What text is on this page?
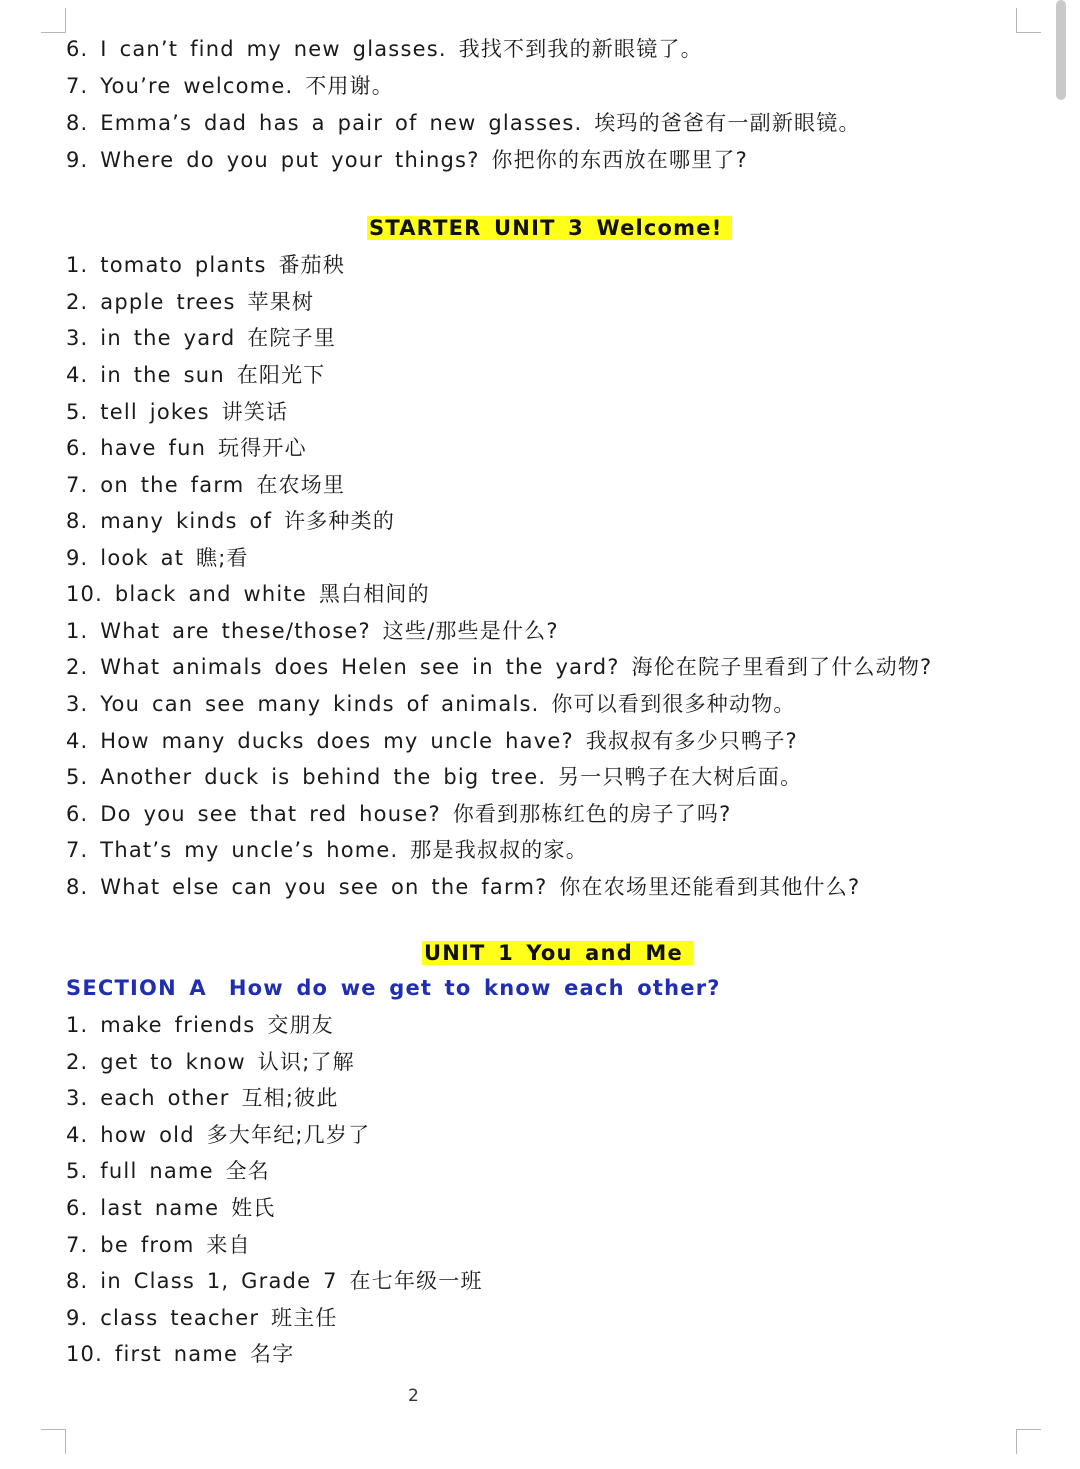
6. I can’t find my new glasses. 我找不到我的新眼镜了。
7. You’re welcome. 不用谢。
8. Emma’s dad has a pair of new glasses. 埃玛的爸爸有一副新眼镜。
9. Where do you put your things? 你把你的东西放在哪里了?
STARTER UNIT 3 Welcome!
1. tomato plants 番茄秧
2. apple trees 苹果树
3. in the yard 在院子里
4. in the sun 在阳光下
5. tell jokes 讲笑话
6. have fun 玩得开心
7. on the farm 在农场里
8. many kinds of 许多种类的
9. look at 瞧;看
10. black and white 黑白相间的
1. What are these/those? 这些/那些是什么?
2. What animals does Helen see in the yard? 海伦在院子里看到了什么动物?
3. You can see many kinds of animals. 你可以看到很多种动物。
4. How many ducks does my uncle have? 我叔叔有多少只鸭子?
5. Another duck is behind the big tree. 另一只鸭子在大树后面。
6. Do you see that red house? 你看到那栋红色的房子了吗?
7. That’s my uncle’s home. 那是我叔叔的家。
8. What else can you see on the farm? 你在农场里还能看到其他什么?
UNIT 1 You and Me
SECTION A How do we get to know each other?
1. make friends 交朋友
2. get to know 认识;了解
3. each other 互相;彼此
4. how old 多大年纪;几岁了
5. full name 全名
6. last name 姓氏
7. be from 来自
8. in Class 1, Grade 7 在七年级一班
9. class teacher 班主任
10. first name 名字
2
